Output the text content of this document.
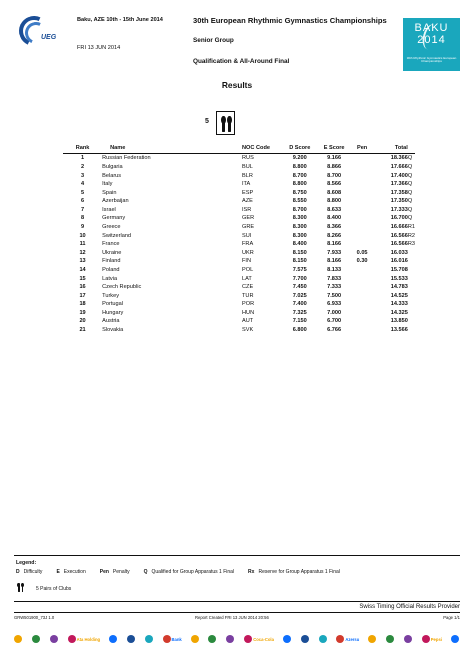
UEG
Baku, AZE 10th - 15th June 2014
FRI 13 JUN 2014
30th European Rhythmic Gymnastics Championships
Senior Group
Qualification & All-Around Final
BAKU
2014
30th Rhythmic Gymnastics European Championships
Results
5
Rank	Name	NOC Code	D Score	E Score	Pen	Total	
1	Russian Federation	RUS	9.200	9.166		18.366	Q
2	Bulgaria	BUL	8.800	8.866		17.666	Q
3	Belarus	BLR	8.700	8.700		17.400	Q
4	Italy	ITA	8.800	8.566		17.366	Q
5	Spain	ESP	8.750	8.608		17.358	Q
6	Azerbaijan	AZE	8.550	8.800		17.350	Q
7	Israel	ISR	8.700	8.633		17.333	Q
8	Germany	GER	8.300	8.400		16.700	Q
9	Greece	GRE	8.300	8.366		16.666	R1
10	Switzerland	SUI	8.300	8.266		16.566	R2
11	France	FRA	8.400	8.166		16.566	R3
12	Ukraine	UKR	8.150	7.933	0.05	16.033	
13	Finland	FIN	8.150	8.166	0.30	16.016	
14	Poland	POL	7.575	8.133		15.708	
15	Latvia	LAT	7.700	7.833		15.533	
16	Czech Republic	CZE	7.450	7.333		14.783	
17	Turkey	TUR	7.025	7.500		14.525	
18	Portugal	POR	7.400	6.933		14.333	
19	Hungary	HUN	7.325	7.000		14.325	
20	Austria	AUT	7.150	6.700		13.850	
21	Slovakia	SVK	6.800	6.766		13.566	
Legend:
D Difficulty	E Execution	Pen Penalty	Q Qualified for Group Apparatus 1 Final	Rx Reserve for Group Apparatus 1 Final
5 Pairs of Clubs
Swiss Timing Official Results Provider
GRW501900_73J 1.0	Report Created FRI 13 JUN 2014 20:56	Page 1/1
Ata Holding	Bank	Coca-Cola	Azersu	Pepsi
